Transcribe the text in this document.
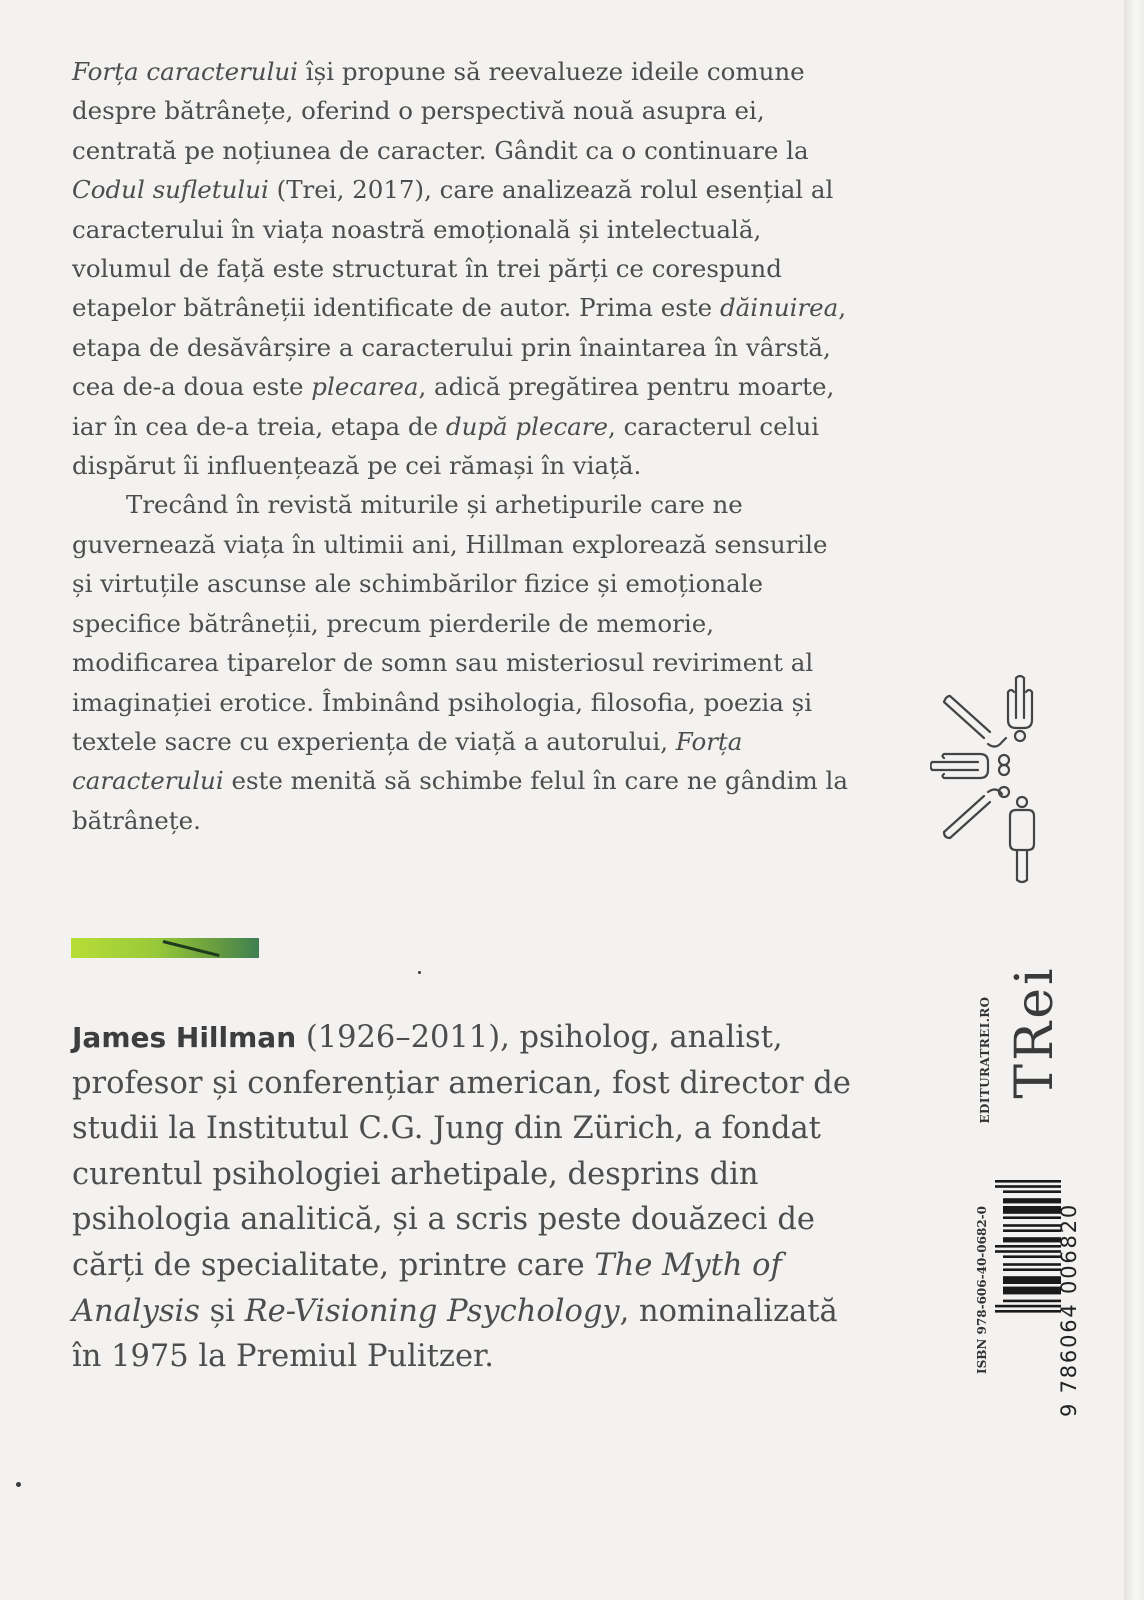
Forța caracterului își propune să reevalueze ideile comune despre bătrânețe, oferind o perspectivă nouă asupra ei, centrată pe noțiunea de caracter. Gândit ca o continuare la Codul sufletului (Trei, 2017), care analizează rolul esențial al caracterului în viața noastră emoțională și intelectuală, volumul de față este structurat în trei părți ce corespund etapelor bătrâneții identificate de autor. Prima este dăinuirea, etapa de desăvârșire a caracterului prin înaintarea în vârstă, cea de-a doua este plecarea, adică pregătirea pentru moarte, iar în cea de-a treia, etapa de după plecare, caracterul celui dispărut îi influențează pe cei rămași în viață.

Trecând în revistă miturile și arhetipurile care ne guvernează viața în ultimii ani, Hillman explorează sensurile și virtuțile ascunse ale schimbărilor fizice și emoționale specifice bătrâneții, precum pierderile de memorie, modificarea tiparelor de somn sau misteriosul reviriment al imaginației erotice. Îmbinând psihologia, filosofia, poezia și textele sacre cu experiența de viață a autorului, Forța caracterului este menită să schimbe felul în care ne gândim la bătrânețe.

James Hillman (1926–2011), psiholog, analist, profesor și conferențiar american, fost director de studii la Institutul C.G. Jung din Zürich, a fondat curentul psihologiei arhetipale, desprins din psihologia analitică, și a scris peste douăzeci de cărți de specialitate, printre care The Myth of Analysis și Re-Visioning Psychology, nominalizată în 1975 la Premiul Pulitzer.

EDITURATREI.RO TRei
ISBN 978-606-40-0682-0	9 786064 006820
